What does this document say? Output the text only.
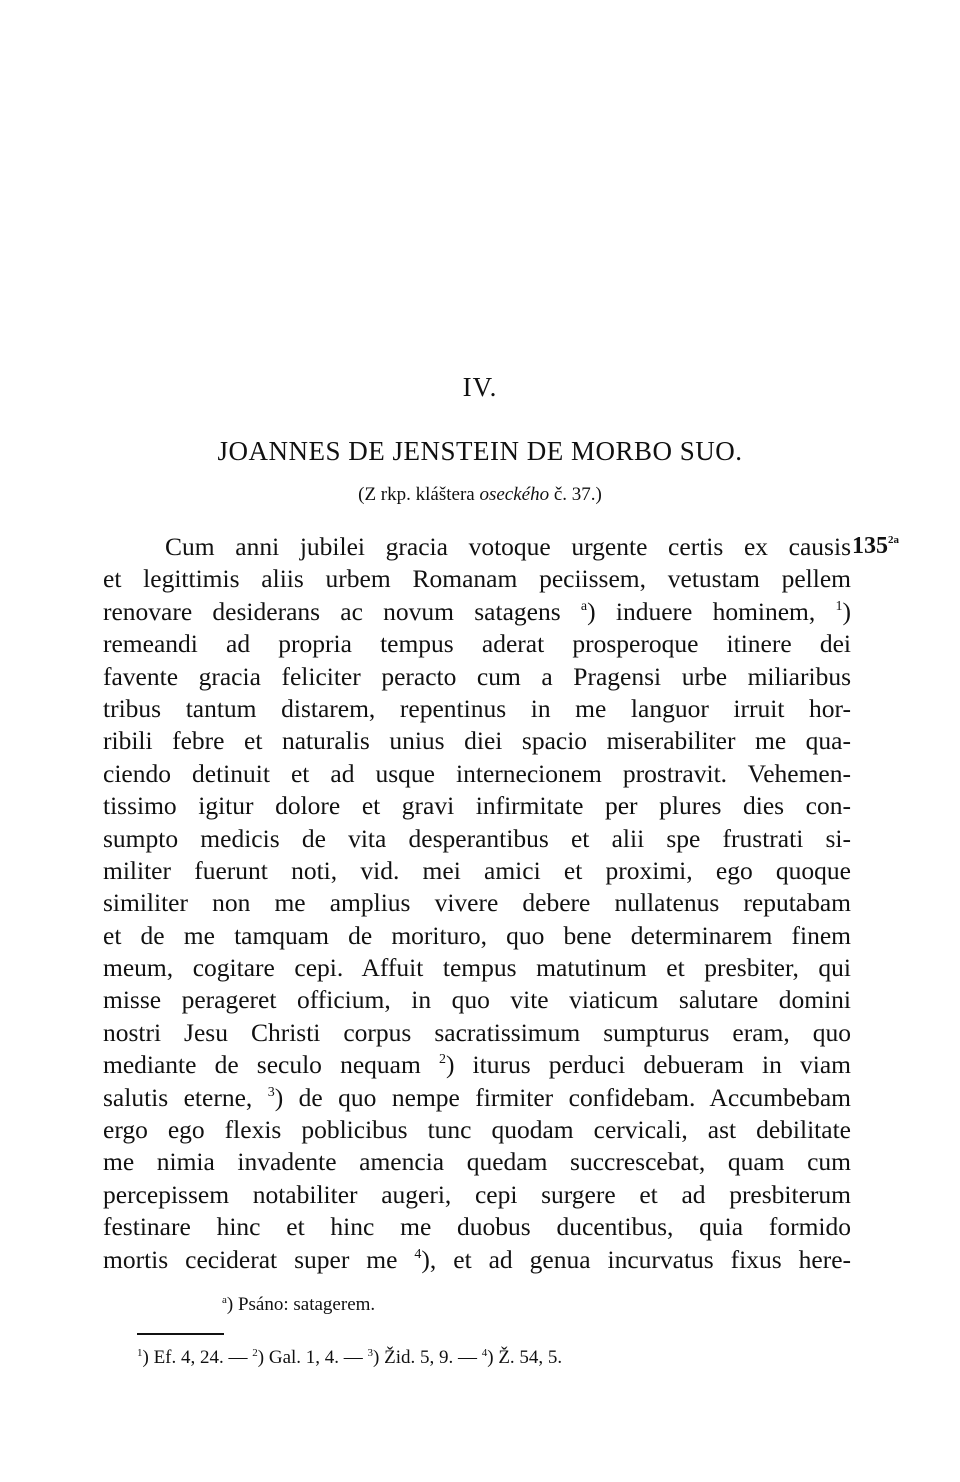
IV.
JOANNES DE JENSTEIN DE MORBO SUO.
(Z rkp. kláštera oseckého č. 37.)
$135^{2a}$
Cum anni jubilei gracia votoque urgente certis ex causis
et legittimis aliis urbem Romanam peciissem, vetustam pellem
renovare desiderans ac novum satagens $^a$) induere hominem, $^1$)
remeandi ad propria tempus aderat prosperoque itinere dei
favente gracia feliciter peracto cum a Pragensi urbe miliaribus
tribus tantum distarem, repentinus in me languor irruit hor-
ribili febre et naturalis unius diei spacio miserabiliter me qua-
ciendo detinuit et ad usque internecionem prostravit. Vehemen-
tissimo igitur dolore et gravi infirmitate per plures dies con-
sumpto medicis de vita desperantibus et alii spe frustrati si-
militer fuerunt noti, vid. mei amici et proximi, ego quoque
similiter non me amplius vivere debere nullatenus reputabam
et de me tamquam de morituro, quo bene determinarem finem
meum, cogitare cepi. Affuit tempus matutinum et presbiter, qui
misse perageret officium, in quo vite viaticum salutare domini
nostri Jesu Christi corpus sacratissimum sumpturus eram, quo
mediante de seculo nequam $^2$) iturus perduci debueram in viam
salutis eterne, $^3$) de quo nempe firmiter confidebam. Accumbebam
ergo ego flexis poblicibus tunc quodam cervicali, ast debilitate
me nimia invadente amencia quedam succrescebat, quam cum
percepissem notabiliter augeri, cepi surgere et ad presbiterum
festinare hinc et hinc me duobus ducentibus, quia formido
mortis ceciderat super me $^4$), et ad genua incurvatus fixus here-
$^a$) Psáno: satagerem.
$^1$) Ef. 4, 24. — $^2$) Gal. 1, 4. — $^3$) Žid. 5, 9. — $^4$) Ž. 54, 5.
